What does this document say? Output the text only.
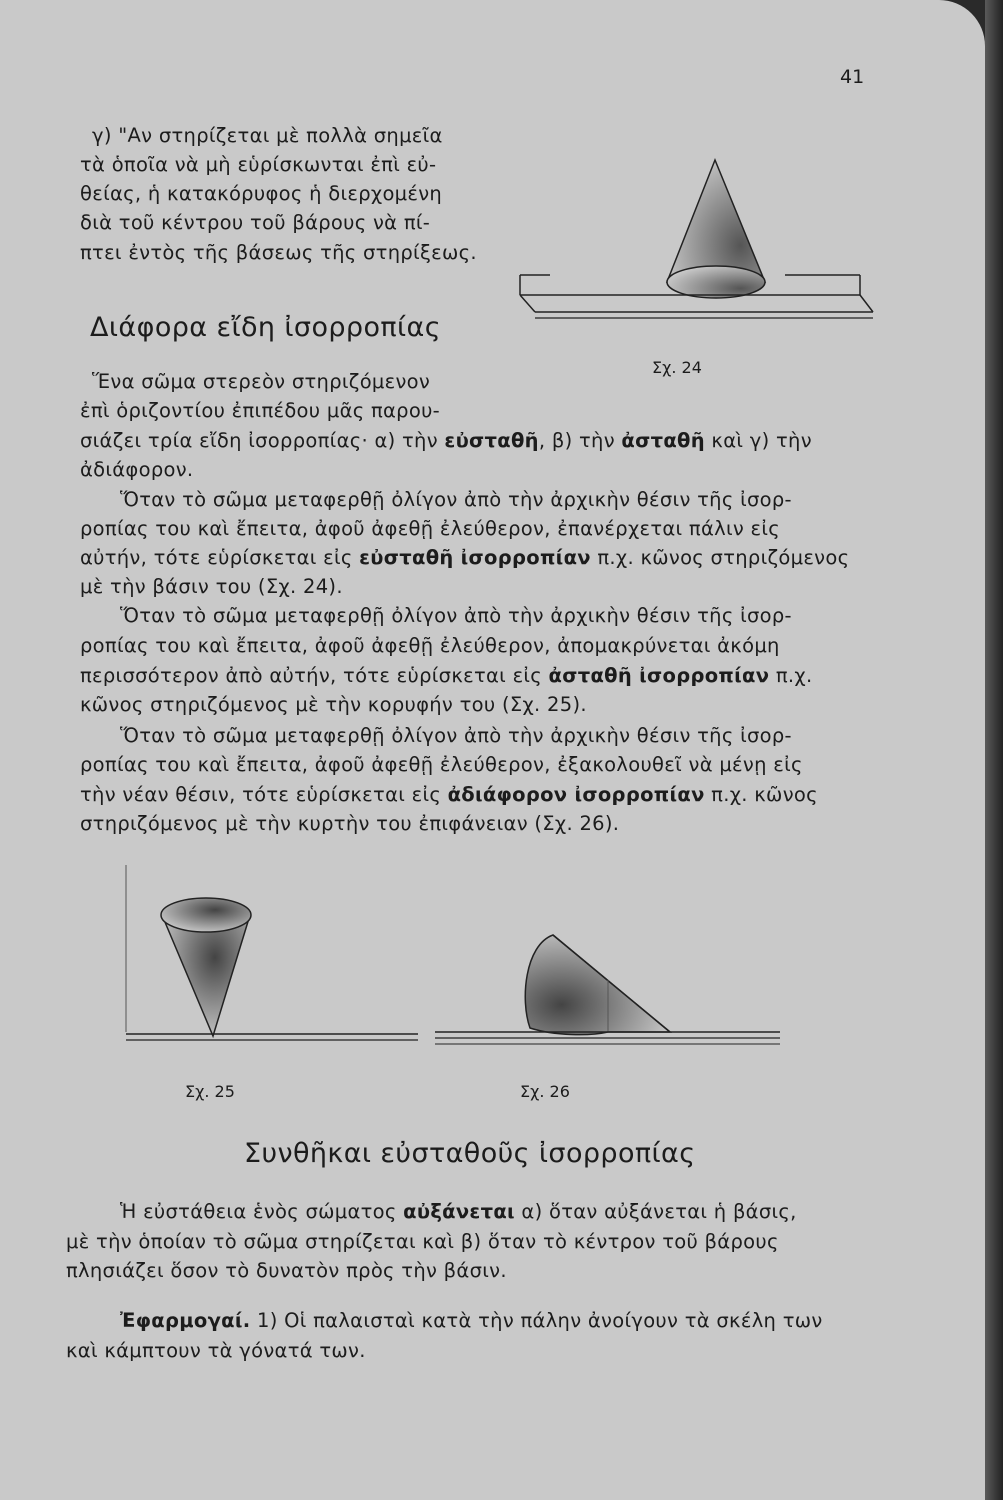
41
γ) "Αν στηρίζεται μὲ πολλὰ σημεῖα
τὰ ὁποῖα νὰ μὴ εὑρίσκωνται ἐπὶ εὐ-
θείας, ἡ κατακόρυφος ἡ διερχομένη
διὰ τοῦ κέντρου τοῦ βάρους νὰ πί-
πτει ἐντὸς τῆς βάσεως τῆς στηρίξεως.
Διάφορα εἴδη ἰσορροπίας
Σχ. 24
Ἕνα σῶμα στερεὸν στηριζόμενον
ἐπὶ ὁριζοντίου ἐπιπέδου μᾶς παρου-
σιάζει τρία εἴδη ἰσορροπίας· α) τὴν εὐσταθῆ, β) τὴν ἀσταθῆ καὶ γ) τὴν
ἀδιάφορον.
Ὅταν τὸ σῶμα μεταφερθῇ ὀλίγον ἀπὸ τὴν ἀρχικὴν θέσιν τῆς ἰσορ-
ροπίας του καὶ ἔπειτα, ἀφοῦ ἀφεθῇ ἐλεύθερον, ἐπανέρχεται πάλιν εἰς
αὐτήν, τότε εὑρίσκεται εἰς εὐσταθῆ ἰσορροπίαν π.χ. κῶνος στηριζόμενος
μὲ τὴν βάσιν του (Σχ. 24).
Ὅταν τὸ σῶμα μεταφερθῇ ὀλίγον ἀπὸ τὴν ἀρχικὴν θέσιν τῆς ἰσορ-
ροπίας του καὶ ἔπειτα, ἀφοῦ ἀφεθῇ ἐλεύθερον, ἀπομακρύνεται ἀκόμη
περισσότερον ἀπὸ αὐτήν, τότε εὑρίσκεται εἰς ἀσταθῆ ἰσορροπίαν π.χ.
κῶνος στηριζόμενος μὲ τὴν κορυφήν του (Σχ. 25).
Ὅταν τὸ σῶμα μεταφερθῇ ὀλίγον ἀπὸ τὴν ἀρχικὴν θέσιν τῆς ἰσορ-
ροπίας του καὶ ἔπειτα, ἀφοῦ ἀφεθῇ ἐλεύθερον, ἐξακολουθεῖ νὰ μένῃ εἰς
τὴν νέαν θέσιν, τότε εὑρίσκεται εἰς ἀδιάφορον ἰσορροπίαν π.χ. κῶνος
στηριζόμενος μὲ τὴν κυρτὴν του ἐπιφάνειαν (Σχ. 26).
Σχ. 25	Σχ. 26
Συνθῆκαι εὐσταθοῦς ἰσορροπίας
Ἡ εὐστάθεια ἑνὸς σώματος αὐξάνεται α) ὅταν αὐξάνεται ἡ βάσις,
μὲ τὴν ὁποίαν τὸ σῶμα στηρίζεται καὶ β) ὅταν τὸ κέντρον τοῦ βάρους
πλησιάζει ὅσον τὸ δυνατὸν πρὸς τὴν βάσιν.
Ἐφαρμογαί. 1) Οἱ παλαισταὶ κατὰ τὴν πάλην ἀνοίγουν τὰ σκέλη των
καὶ κάμπτουν τὰ γόνατά των.
